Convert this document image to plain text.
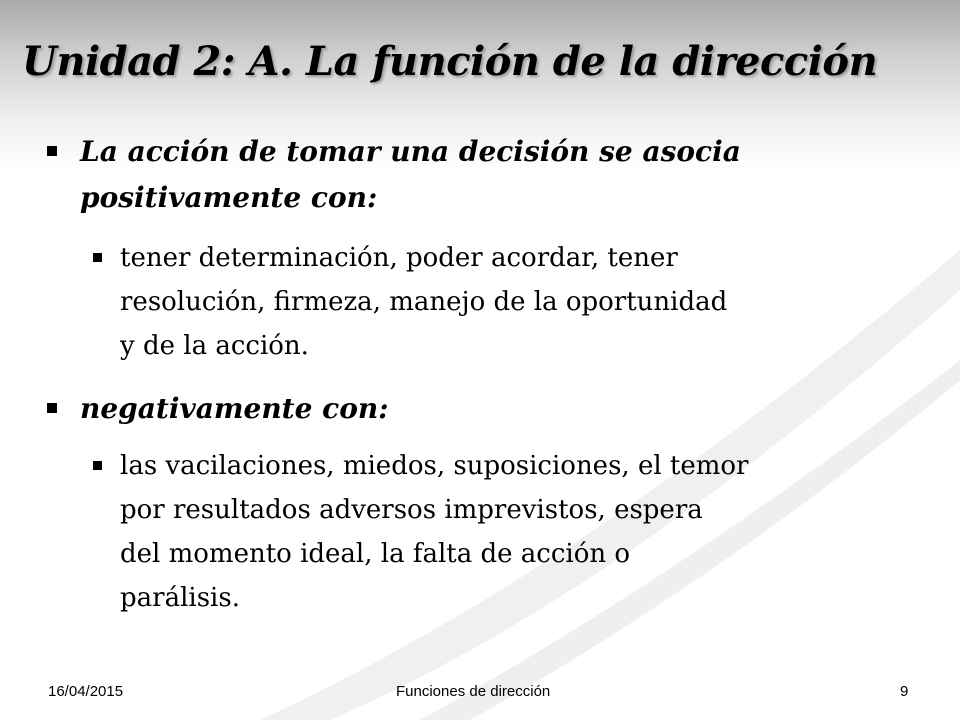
Unidad 2: A. La función de la dirección
La acción de tomar una decisión se asocia
positivamente con:
tener determinación, poder acordar, tener
resolución, firmeza, manejo de la oportunidad
y de la acción.
negativamente con:
las vacilaciones, miedos, suposiciones, el temor
por resultados adversos imprevistos, espera
del momento ideal, la falta de acción o
parálisis.
16/04/2015	Funciones de dirección	9
